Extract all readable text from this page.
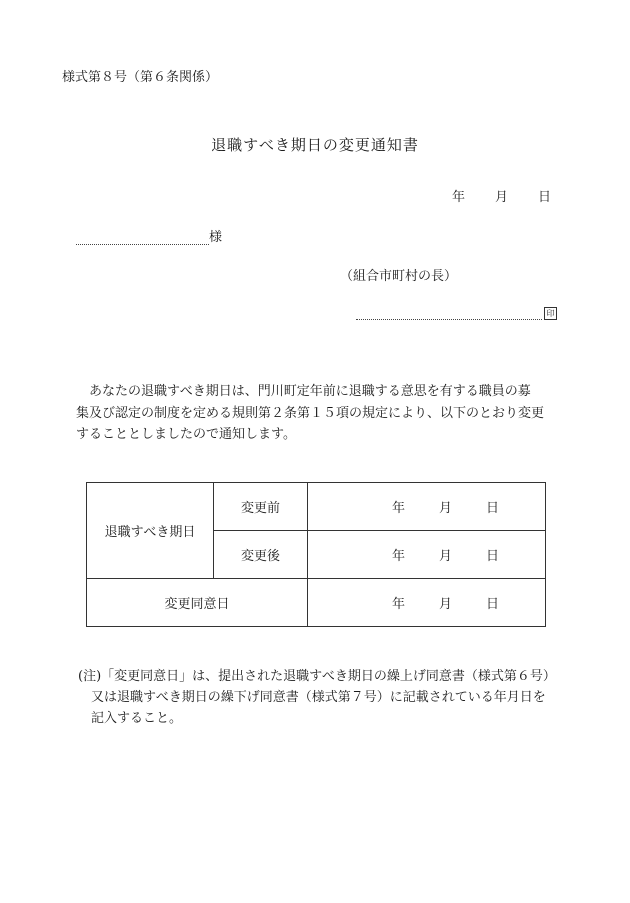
様式第８号（第６条関係）
退職すべき期日の変更通知書
年 月 日
様
（組合市町村の長）
印

あなたの退職すべき期日は、門川町定年前に退職する意思を有する職員の募

集及び認定の制度を定める規則第２条第１５項の規定により、以下のとおり変更

することとしましたので通知します。

退職すべき期日	変更前	年 月 日
	変更後	年 月 日
変更同意日		年 月 日
(注)「変更同意日」は、提出された退職すべき期日の繰上げ同意書（様式第６号）
又は退職すべき期日の繰下げ同意書（様式第７号）に記載されている年月日を
記入すること。
